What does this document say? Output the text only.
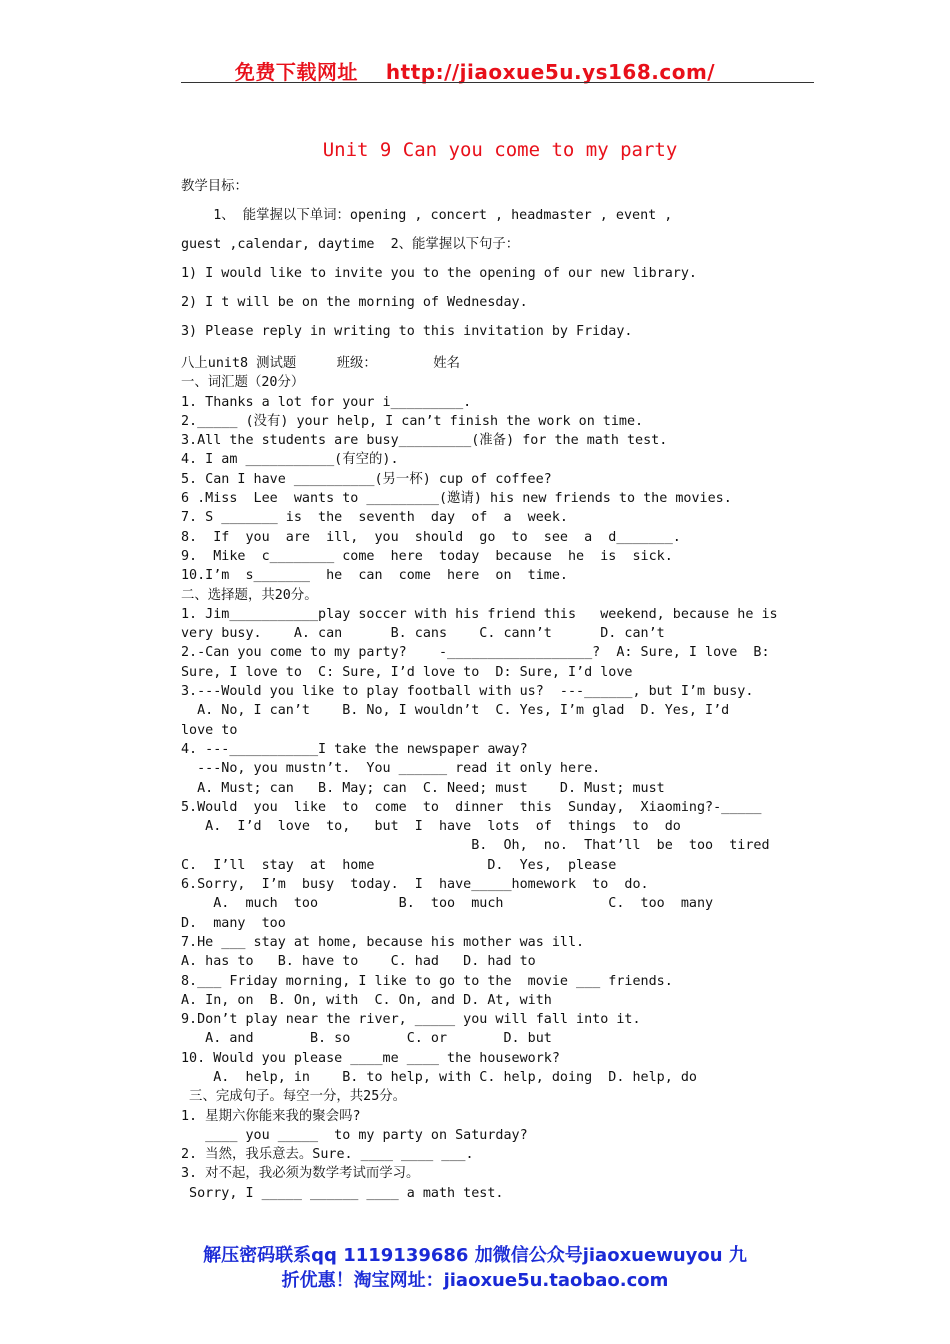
免费下载网址 http://jiaoxue5u.ys168.com/
Unit 9 Can you come to my party
教学目标：
1、 能掌握以下单词：opening , concert , headmaster , event ,
guest ,calendar, daytime  2、能掌握以下句子：
1) I would like to invite you to the opening of our new library.
2) I t will be on the morning of Wednesday.
3) Please reply in writing to this invitation by Friday.
八上unit8 测试题     班级：       姓名
一、词汇题（20分）
1. Thanks a lot for your i_________.
2._____ (没有) your help, I can’t finish the work on time.
3.All the students are busy_________(准备) for the math test.
4. I am ___________(有空的).
5. Can I have __________(另一杯) cup of coffee?
6 .Miss  Lee  wants to _________(邀请) his new friends to the movies.
7. S _______ is  the  seventh  day  of  a  week.
8.  If  you  are  ill,  you  should  go  to  see  a  d_______.
9.  Mike  c________ come  here  today  because  he  is  sick.
10.I’m  s_______  he  can  come  here  on  time.
二、选择题，共20分。
1. Jim___________play soccer with his friend this   weekend, because he is
very busy.    A. can      B. cans    C. cann’t      D. can’t
2.-Can you come to my party?    -__________________?  A: Sure, I love  B:
Sure, I love to  C: Sure, I’d love to  D: Sure, I’d love
3.---Would you like to play football with us?  ---______, but I’m busy.
A. No, I can’t    B. No, I wouldn’t  C. Yes, I’m glad  D. Yes, I’d
love to
4. ---___________I take the newspaper away?
---No, you mustn’t.  You ______ read it only here.
A. Must; can   B. May; can  C. Need; must    D. Must; must
5.Would  you  like  to  come  to  dinner  this  Sunday,  Xiaoming?-_____
A.  I’d  love  to,   but  I  have  lots  of  things  to  do
B.  Oh,  no.  That’ll  be  too  tired
C.  I’ll  stay  at  home              D.  Yes,  please
6.Sorry,  I’m  busy  today.  I  have_____homework  to  do.
A.  much  too          B.  too  much             C.  too  many
D.  many  too
7.He ___ stay at home, because his mother was ill.
A. has to   B. have to    C. had   D. had to
8.___ Friday morning, I like to go to the  movie ___ friends.
A. In, on  B. On, with  C. On, and D. At, with
9.Don’t play near the river, _____ you will fall into it.
A. and       B. so       C. or       D. but
10. Would you please ____me ____ the housework?
A.  help, in    B. to help, with C. help, doing  D. help, do
三、完成句子。每空一分，共25分。
1. 星期六你能来我的聚会吗?
____ you _____  to my party on Saturday?
2. 当然，我乐意去。Sure. ____ ____ ___.
3. 对不起，我必须为数学考试而学习。
Sorry, I _____ ______ ____ a math test.
解压密码联系qq 1119139686 加微信公众号jiaoxuewuyou 九
折优惠！淘宝网址：jiaoxue5u.taobao.com
